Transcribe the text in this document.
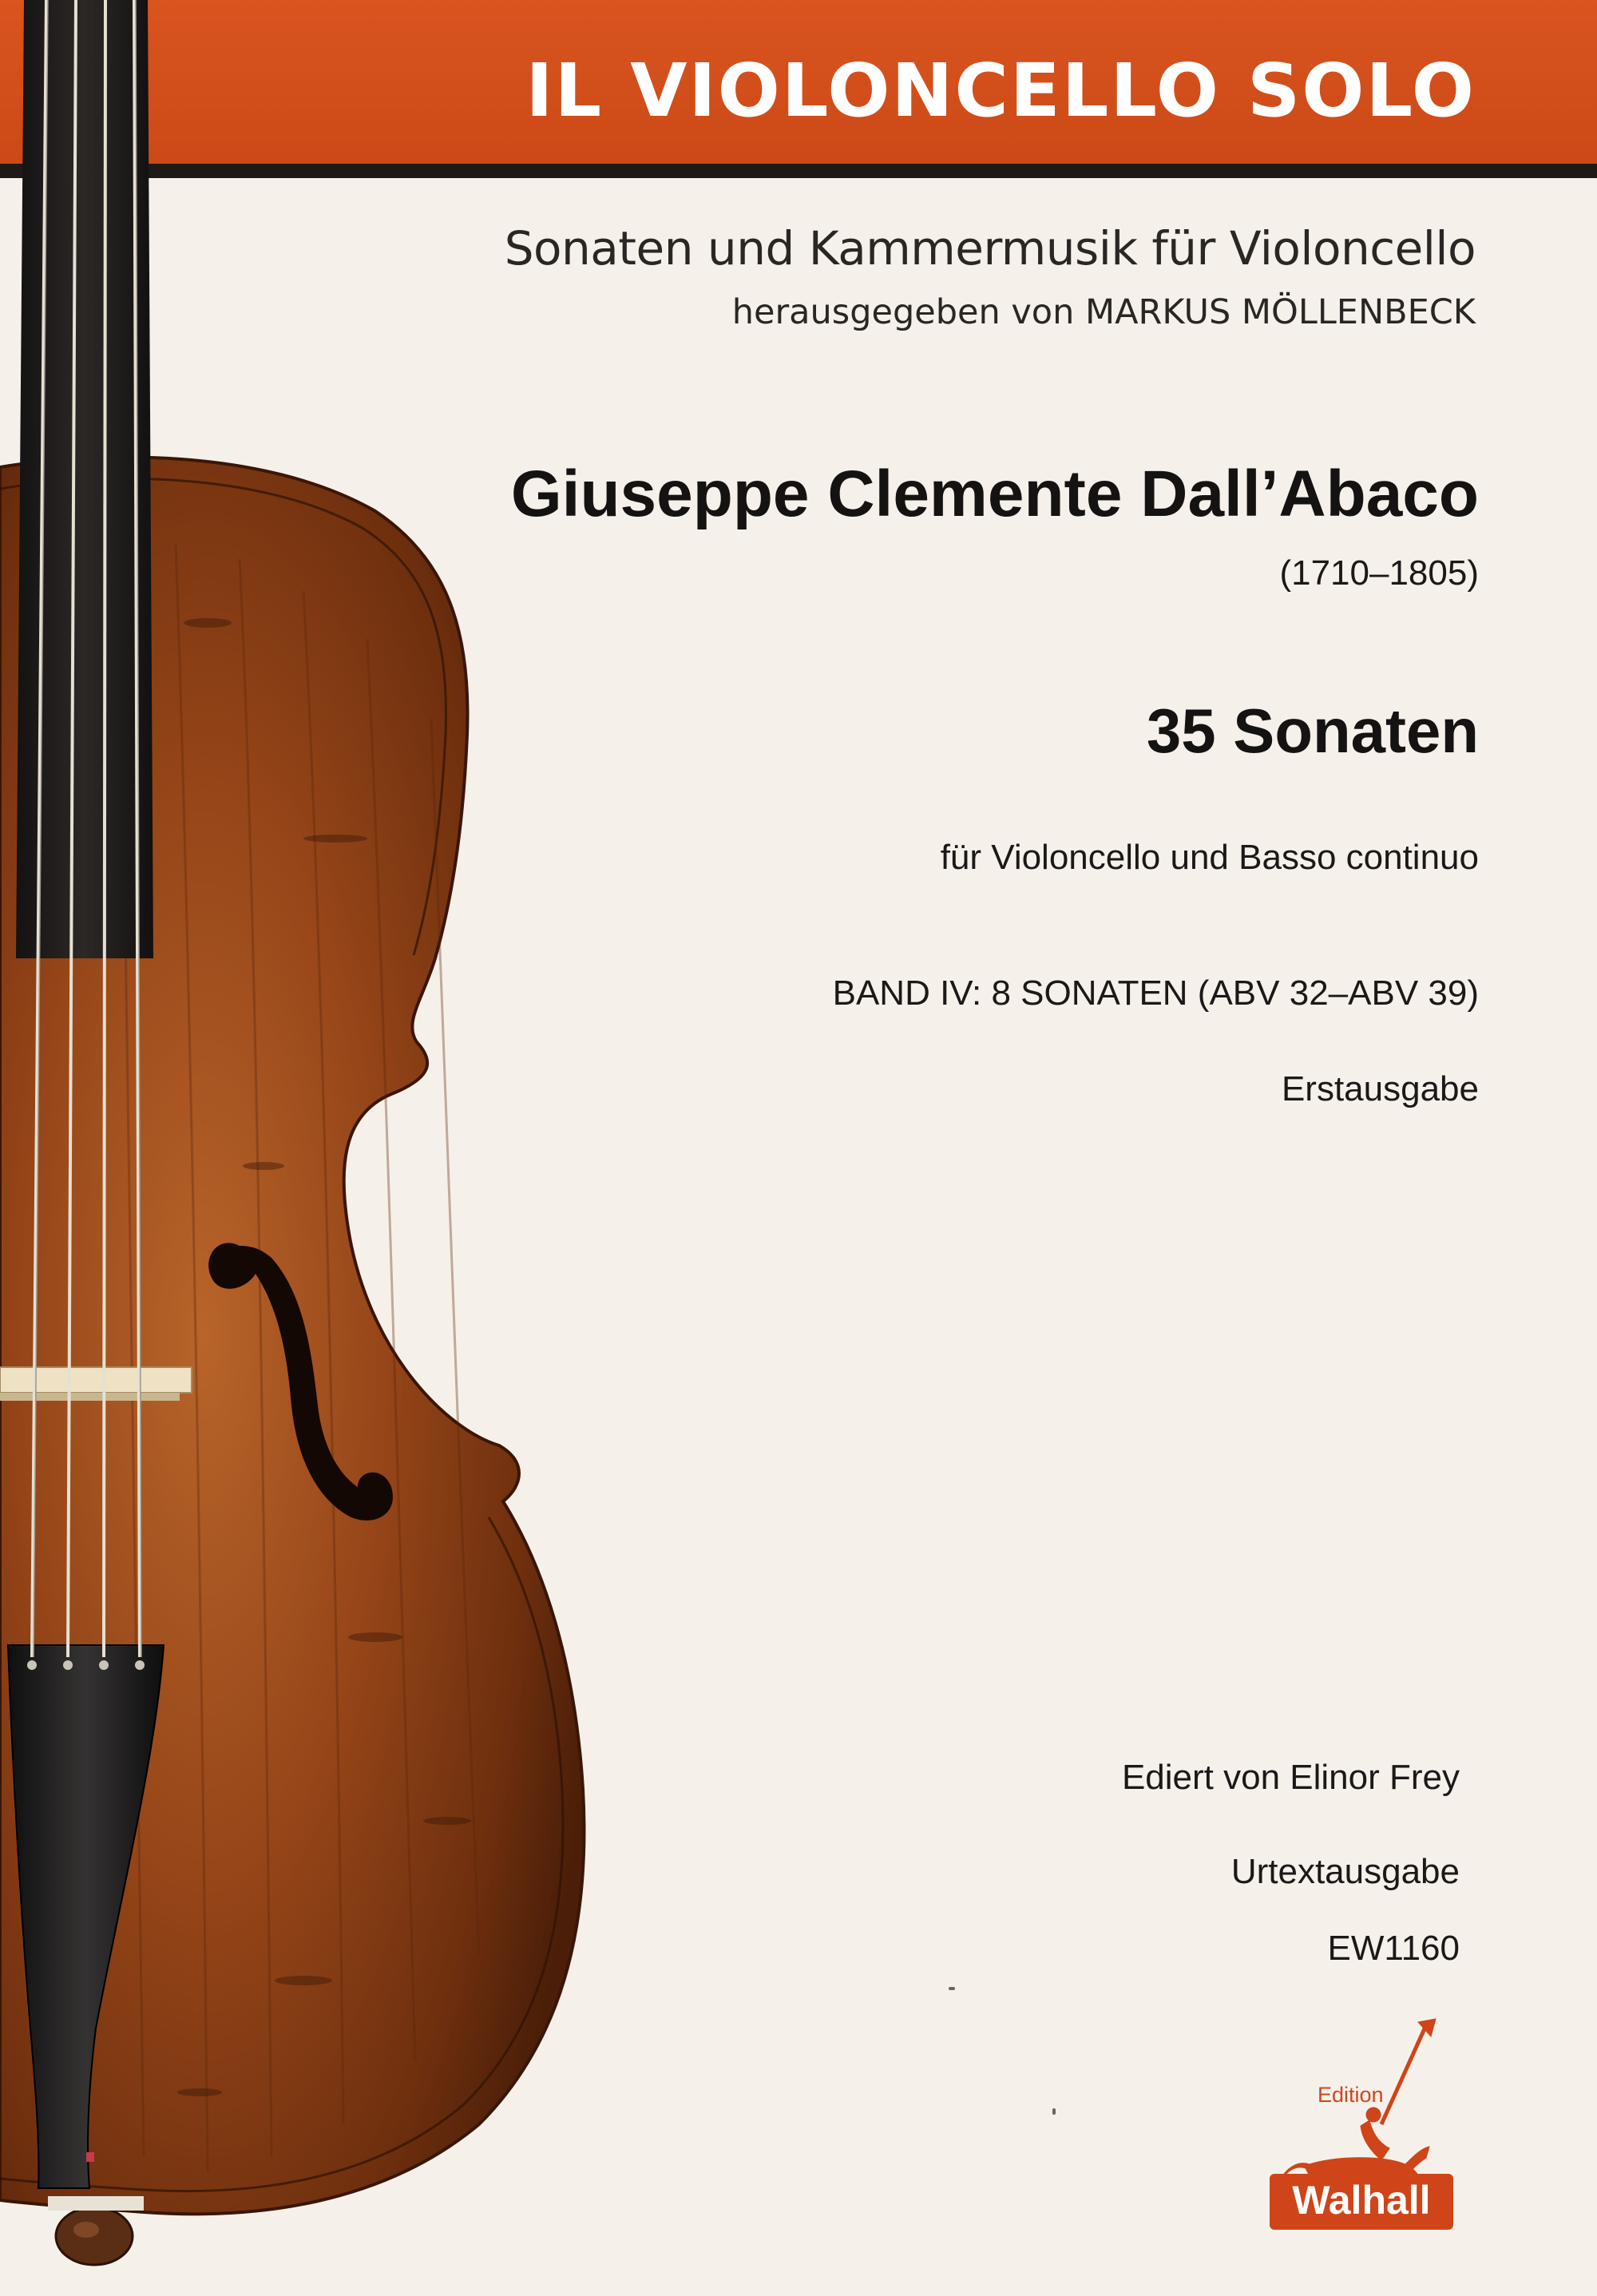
IL VIOLONCELLO SOLO
Sonaten und Kammermusik für Violoncello
herausgegeben von MARKUS MÖLLENBECK
Giuseppe Clemente Dall’Abaco
(1710–1805)
35 Sonaten
für Violoncello und Basso continuo
BAND IV: 8 SONATEN (ABV 32–ABV 39)
Erstausgabe
Ediert von Elinor Frey
Urtextausgabe
EW1160
Edition
Walhall
